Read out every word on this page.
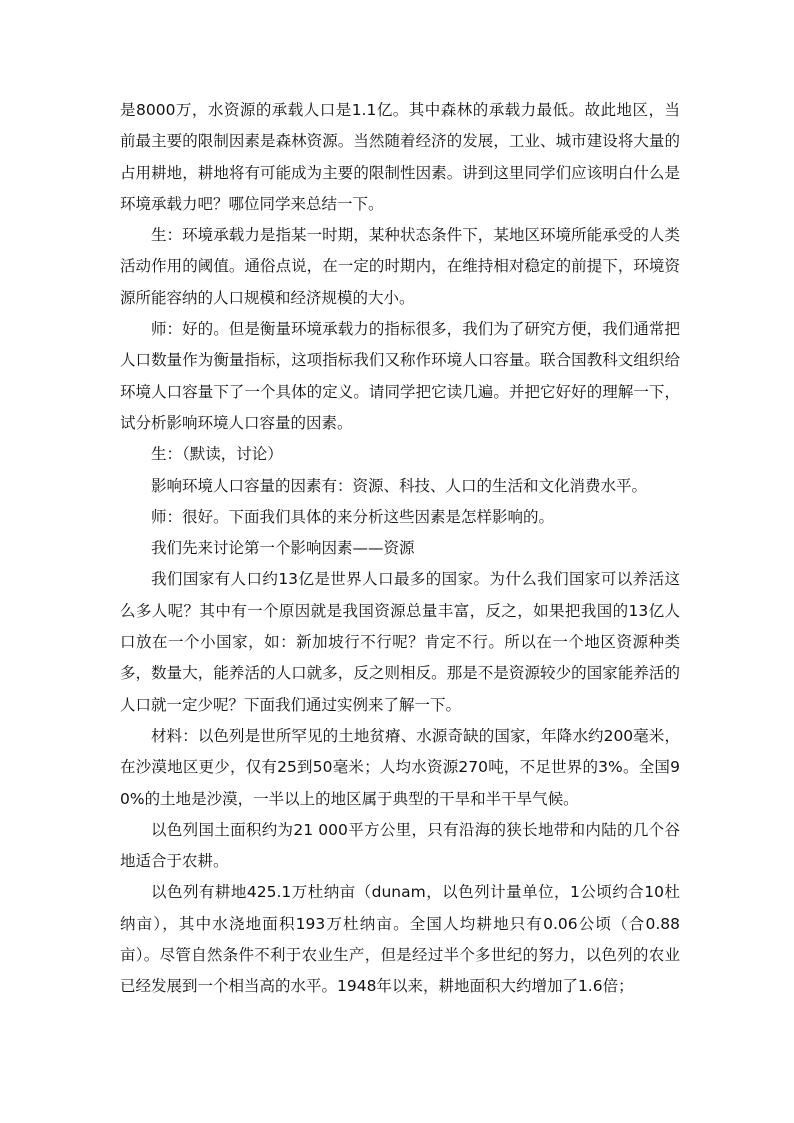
是8000万，水资源的承载人口是1.1亿。其中森林的承载力最低。故此地区，当前最主要的限制因素是森林资源。当然随着经济的发展，工业、城市建设将大量的占用耕地，耕地将有可能成为主要的限制性因素。讲到这里同学们应该明白什么是环境承载力吧？哪位同学来总结一下。

生：环境承载力是指某一时期，某种状态条件下，某地区环境所能承受的人类活动作用的阈值。通俗点说，在一定的时期内，在维持相对稳定的前提下，环境资源所能容纳的人口规模和经济规模的大小。

师：好的。但是衡量环境承载力的指标很多，我们为了研究方便，我们通常把人口数量作为衡量指标，这项指标我们又称作环境人口容量。联合国教科文组织给环境人口容量下了一个具体的定义。请同学把它读几遍。并把它好好的理解一下，试分析影响环境人口容量的因素。

生：（默读，讨论）

影响环境人口容量的因素有：资源、科技、人口的生活和文化消费水平。

师：很好。下面我们具体的来分析这些因素是怎样影响的。

我们先来讨论第一个影响因素——资源

我们国家有人口约13亿是世界人口最多的国家。为什么我们国家可以养活这么多人呢？其中有一个原因就是我国资源总量丰富，反之，如果把我国的13亿人口放在一个小国家，如：新加坡行不行呢？肯定不行。所以在一个地区资源种类多，数量大，能养活的人口就多，反之则相反。那是不是资源较少的国家能养活的人口就一定少呢？下面我们通过实例来了解一下。

材料：以色列是世所罕见的土地贫瘠、水源奇缺的国家，年降水约200毫米，在沙漠地区更少，仅有25到50毫米；人均水资源270吨，不足世界的3%。全国90%的土地是沙漠，一半以上的地区属于典型的干旱和半干旱气候。

以色列国土面积约为21 000平方公里，只有沿海的狭长地带和内陆的几个谷地适合于农耕。

以色列有耕地425.1万杜纳亩（dunam，以色列计量单位，1公顷约合10杜纳亩），其中水浇地面积193万杜纳亩。全国人均耕地只有0.06公顷（合0.88亩）。尽管自然条件不利于农业生产，但是经过半个多世纪的努力，以色列的农业已经发展到一个相当高的水平。1948年以来，耕地面积大约增加了1.6倍；
